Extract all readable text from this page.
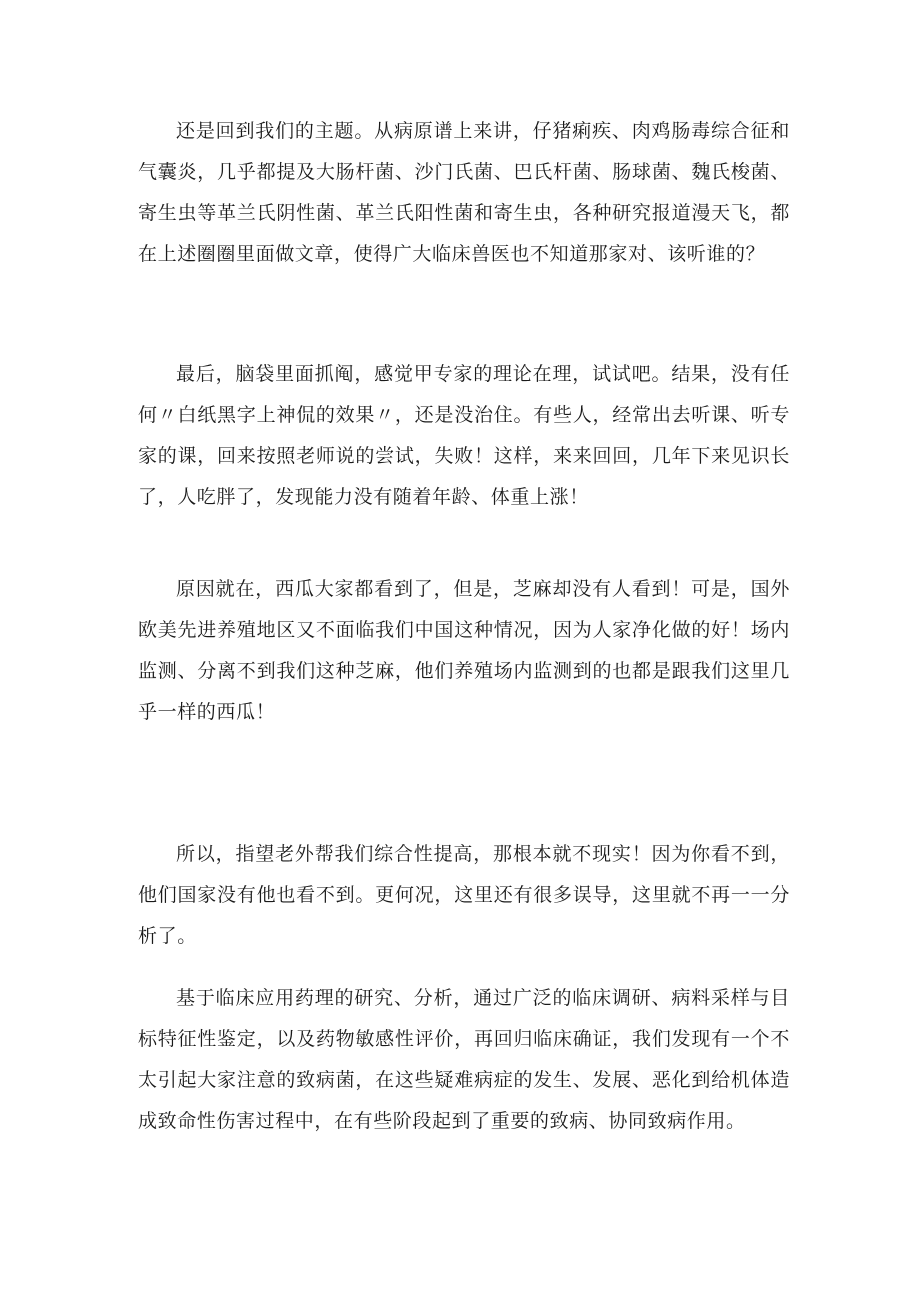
还是回到我们的主题。从病原谱上来讲，仔猪痢疾、肉鸡肠毒综合征和气囊炎，几乎都提及大肠杆菌、沙门氏菌、巴氏杆菌、肠球菌、魏氏梭菌、寄生虫等革兰氏阴性菌、革兰氏阳性菌和寄生虫，各种研究报道漫天飞，都在上述圈圈里面做文章，使得广大临床兽医也不知道那家对、该听谁的？

最后，脑袋里面抓阄，感觉甲专家的理论在理，试试吧。结果，没有任何〃白纸黑字上神侃的效果〃，还是没治住。有些人，经常出去听课、听专家的课，回来按照老师说的尝试，失败！这样，来来回回，几年下来见识长了，人吃胖了，发现能力没有随着年龄、体重上涨！

原因就在，西瓜大家都看到了，但是，芝麻却没有人看到！可是，国外欧美先进养殖地区又不面临我们中国这种情况，因为人家净化做的好！场内监测、分离不到我们这种芝麻，他们养殖场内监测到的也都是跟我们这里几乎一样的西瓜！

所以，指望老外帮我们综合性提高，那根本就不现实！因为你看不到，他们国家没有他也看不到。更何况，这里还有很多误导，这里就不再一一分析了。

基于临床应用药理的研究、分析，通过广泛的临床调研、病料采样与目标特征性鉴定，以及药物敏感性评价，再回归临床确证，我们发现有一个不太引起大家注意的致病菌，在这些疑难病症的发生、发展、恶化到给机体造成致命性伤害过程中，在有些阶段起到了重要的致病、协同致病作用。
